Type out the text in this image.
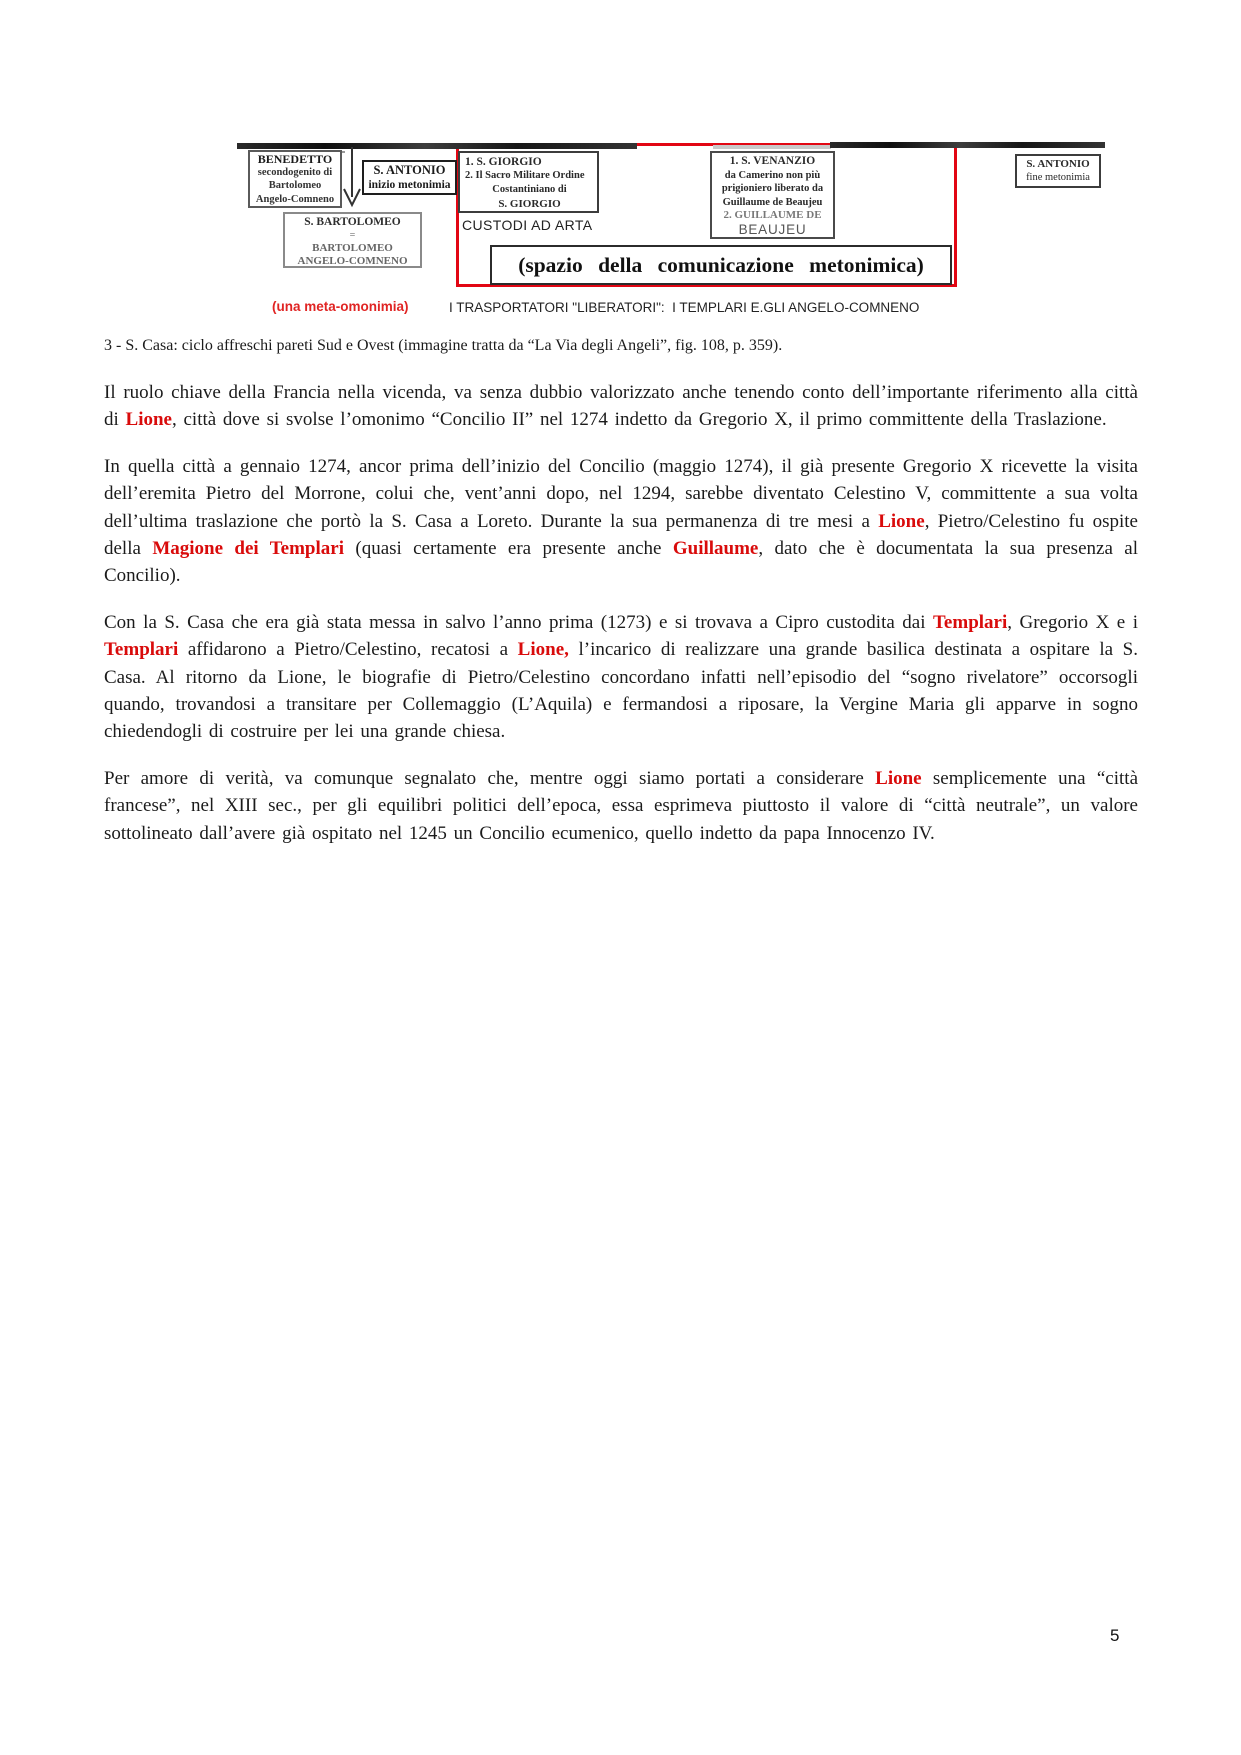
BENEDETTO
secondogenito di
Bartolomeo
Angelo-Comneno
S. ANTONIO
inizio metonimia
1. S. GIORGIO
2. Il Sacro Militare Ordine
Costantiniano di
S. GIORGIO
CUSTODI AD ARTA
1. S. VENANZIO
da Camerino non più
prigioniero liberato da
Guillaume de Beaujeu
2. GUILLAUME DE
BEAUJEU
(spazio della comunicazione metonimica)
S. BARTOLOMEO
=
BARTOLOMEO
ANGELO-COMNENO
(una meta-omonimia)	I TRASPORTATORI "LIBERATORI":  I TEMPLARI E.GLI ANGELO-COMNENO
S. ANTONIO
fine metonimia
3 - S. Casa: ciclo affreschi pareti Sud e Ovest (immagine tratta da “La Via degli Angeli”, fig. 108, p. 359).

Il ruolo chiave della Francia nella vicenda, va senza dubbio valorizzato anche tenendo conto dell’importante riferimento alla città di Lione, città dove si svolse l’omonimo “Concilio II” nel 1274 indetto da Gregorio X, il primo committente della Traslazione.

In quella città a gennaio 1274, ancor prima dell’inizio del Concilio (maggio 1274), il già presente Gregorio X ricevette la visita dell’eremita Pietro del Morrone, colui che, vent’anni dopo, nel 1294, sarebbe diventato Celestino V, committente a sua volta dell’ultima traslazione che portò la S. Casa a Loreto. Durante la sua permanenza di tre mesi a Lione, Pietro/Celestino fu ospite della Magione dei Templari (quasi certamente era presente anche Guillaume, dato che è documentata la sua presenza al Concilio).

Con la S. Casa che era già stata messa in salvo l’anno prima (1273) e si trovava a Cipro custodita dai Templari, Gregorio X e i Templari affidarono a Pietro/Celestino, recatosi a Lione, l’incarico di realizzare una grande basilica destinata a ospitare la S. Casa. Al ritorno da Lione, le biografie di Pietro/Celestino concordano infatti nell’episodio del “sogno rivelatore” occorsogli quando, trovandosi a transitare per Collemaggio (L’Aquila) e fermandosi a riposare, la Vergine Maria gli apparve in sogno chiedendogli di costruire per lei una grande chiesa.

Per amore di verità, va comunque segnalato che, mentre oggi siamo portati a considerare Lione semplicemente una “città francese”, nel XIII sec., per gli equilibri politici dell’epoca, essa esprimeva piuttosto il valore di “città neutrale”, un valore sottolineato dall’avere già ospitato nel 1245 un Concilio ecumenico, quello indetto da papa Innocenzo IV.

5
